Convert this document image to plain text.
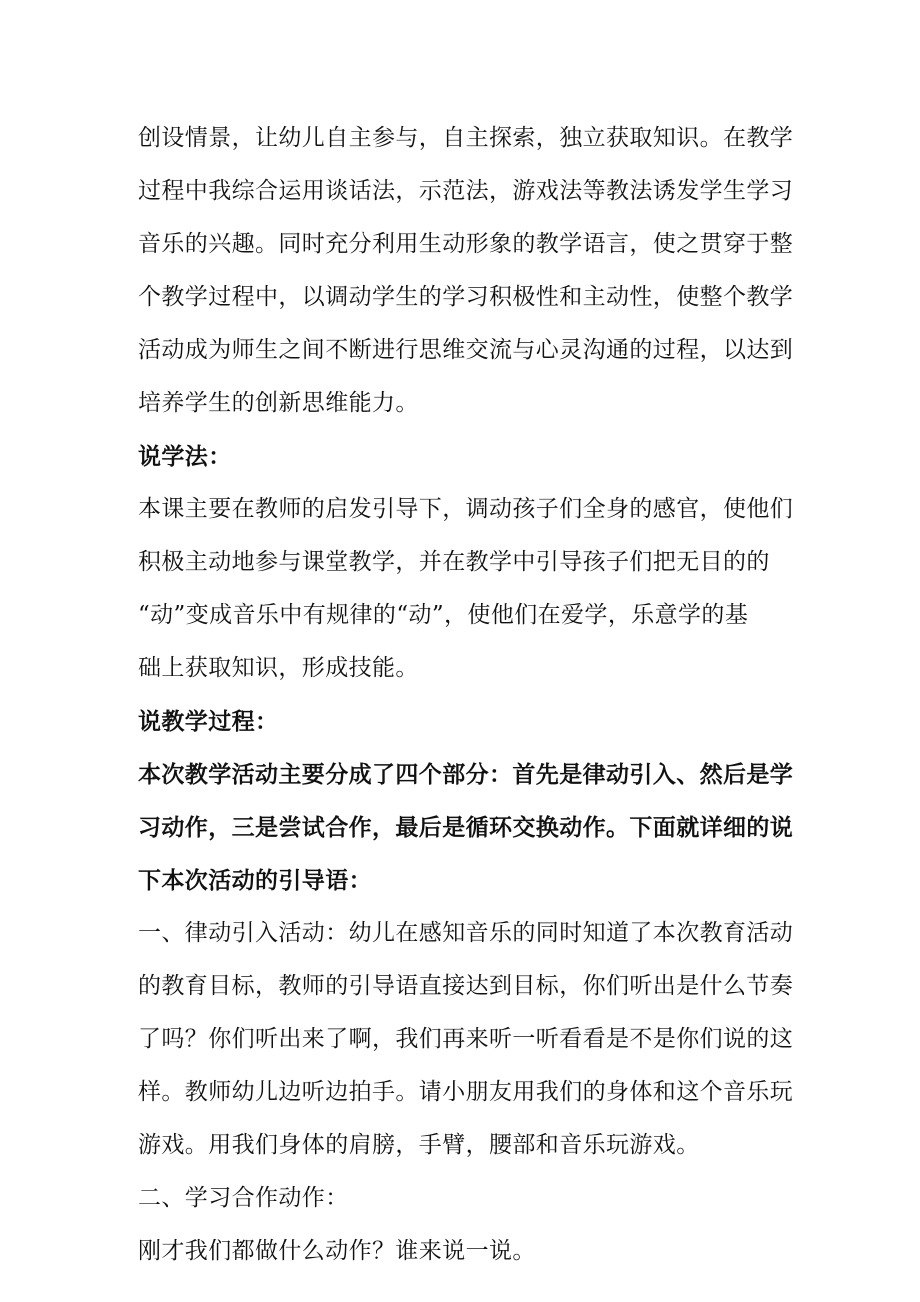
创设情景，让幼儿自主参与，自主探索，独立获取知识。在教学
过程中我综合运用谈话法，示范法，游戏法等教法诱发学生学习
音乐的兴趣。同时充分利用生动形象的教学语言，使之贯穿于整
个教学过程中，以调动学生的学习积极性和主动性，使整个教学
活动成为师生之间不断进行思维交流与心灵沟通的过程，以达到
培养学生的创新思维能力。
说学法：
本课主要在教师的启发引导下，调动孩子们全身的感官，使他们
积极主动地参与课堂教学，并在教学中引导孩子们把无目的的
“动”变成音乐中有规律的“动”，使他们在爱学，乐意学的基
础上获取知识，形成技能。
说教学过程：
本次教学活动主要分成了四个部分：首先是律动引入、然后是学
习动作，三是尝试合作，最后是循环交换动作。下面就详细的说
下本次活动的引导语：
一、律动引入活动：幼儿在感知音乐的同时知道了本次教育活动
的教育目标，教师的引导语直接达到目标，你们听出是什么节奏
了吗？你们听出来了啊，我们再来听一听看看是不是你们说的这
样。教师幼儿边听边拍手。请小朋友用我们的身体和这个音乐玩
游戏。用我们身体的肩膀，手臂，腰部和音乐玩游戏。
二、学习合作动作：
刚才我们都做什么动作？谁来说一说。
